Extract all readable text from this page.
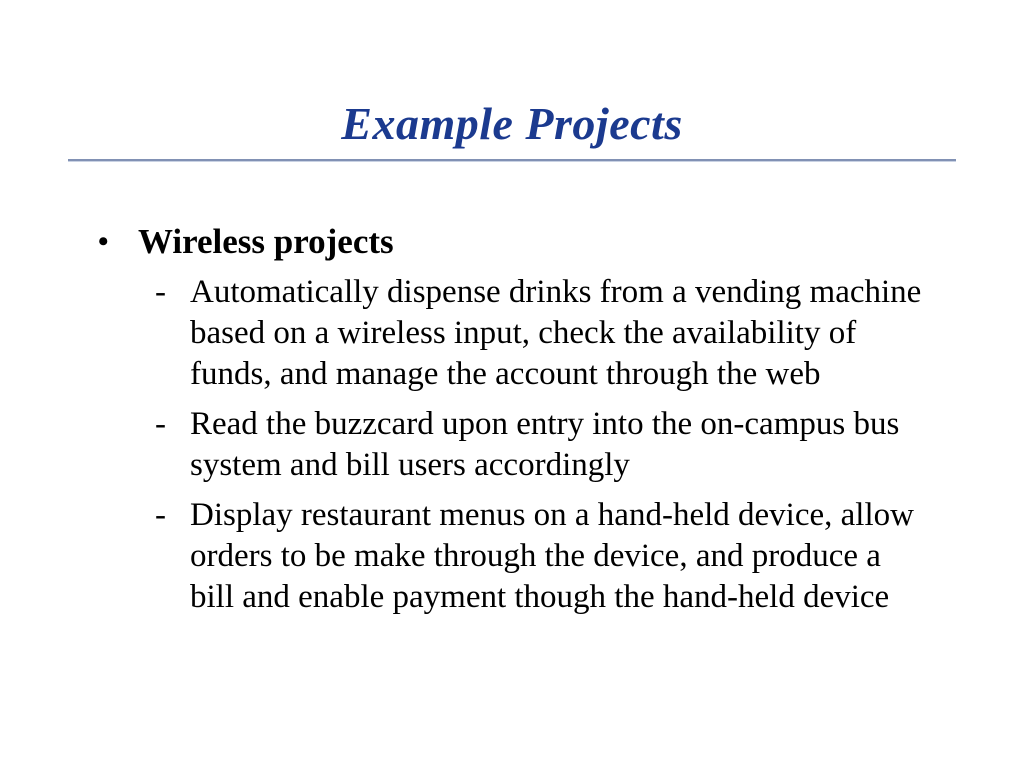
Example Projects
• Wireless projects
- Automatically dispense drinks from a vending machine
based on a wireless input, check the availability of
funds, and manage the account through the web
- Read the buzzcard upon entry into the on-campus bus
system and bill users accordingly
- Display restaurant menus on a hand-held device, allow
orders to be make through the device, and produce a
bill and enable payment though the hand-held device
